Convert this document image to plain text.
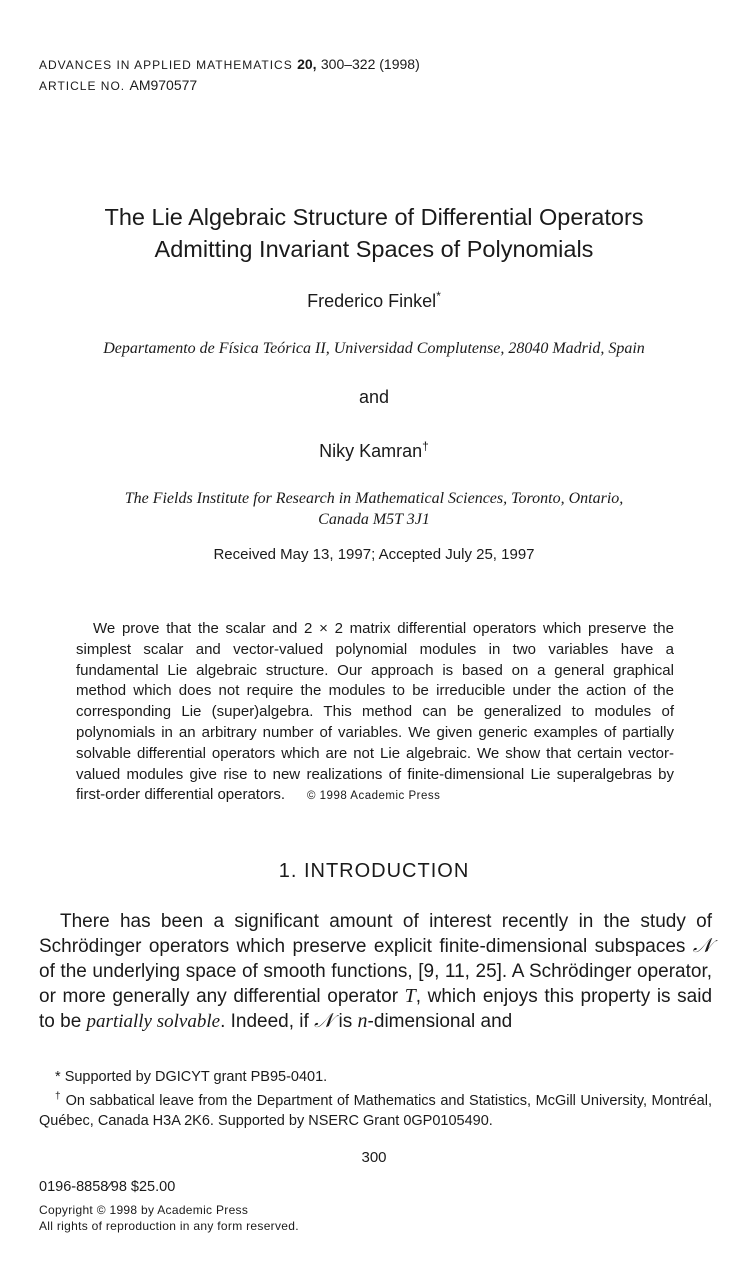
ADVANCES IN APPLIED MATHEMATICS 20, 300–322 (1998)
ARTICLE NO. AM970577
The Lie Algebraic Structure of Differential Operators
Admitting Invariant Spaces of Polynomials
Frederico Finkel*
Departamento de Física Teórica II, Universidad Complutense, 28040 Madrid, Spain
and
Niky Kamran†
The Fields Institute for Research in Mathematical Sciences, Toronto, Ontario,
Canada M5T 3J1
Received May 13, 1997; Accepted July 25, 1997
We prove that the scalar and 2 × 2 matrix differential operators which preserve the simplest scalar and vector-valued polynomial modules in two variables have a fundamental Lie algebraic structure. Our approach is based on a general graphical method which does not require the modules to be irreducible under the action of the corresponding Lie (super)algebra. This method can be generalized to modules of polynomials in an arbitrary number of variables. We given generic examples of partially solvable differential operators which are not Lie algebraic. We show that certain vector-valued modules give rise to new realizations of finite-dimensional Lie superalgebras by first-order differential operators. © 1998 Academic Press
1. INTRODUCTION
There has been a significant amount of interest recently in the study of Schrödinger operators which preserve explicit finite-dimensional subspaces 𝒩 of the underlying space of smooth functions, [9, 11, 25]. A Schrödinger operator, or more generally any differential operator T, which enjoys this property is said to be partially solvable. Indeed, if 𝒩 is n-dimensional and
* Supported by DGICYT grant PB95-0401.
† On sabbatical leave from the Department of Mathematics and Statistics, McGill University, Montréal, Québec, Canada H3A 2K6. Supported by NSERC Grant 0GP0105490.
300
0196-8858⁄98 $25.00
Copyright © 1998 by Academic Press
All rights of reproduction in any form reserved.
